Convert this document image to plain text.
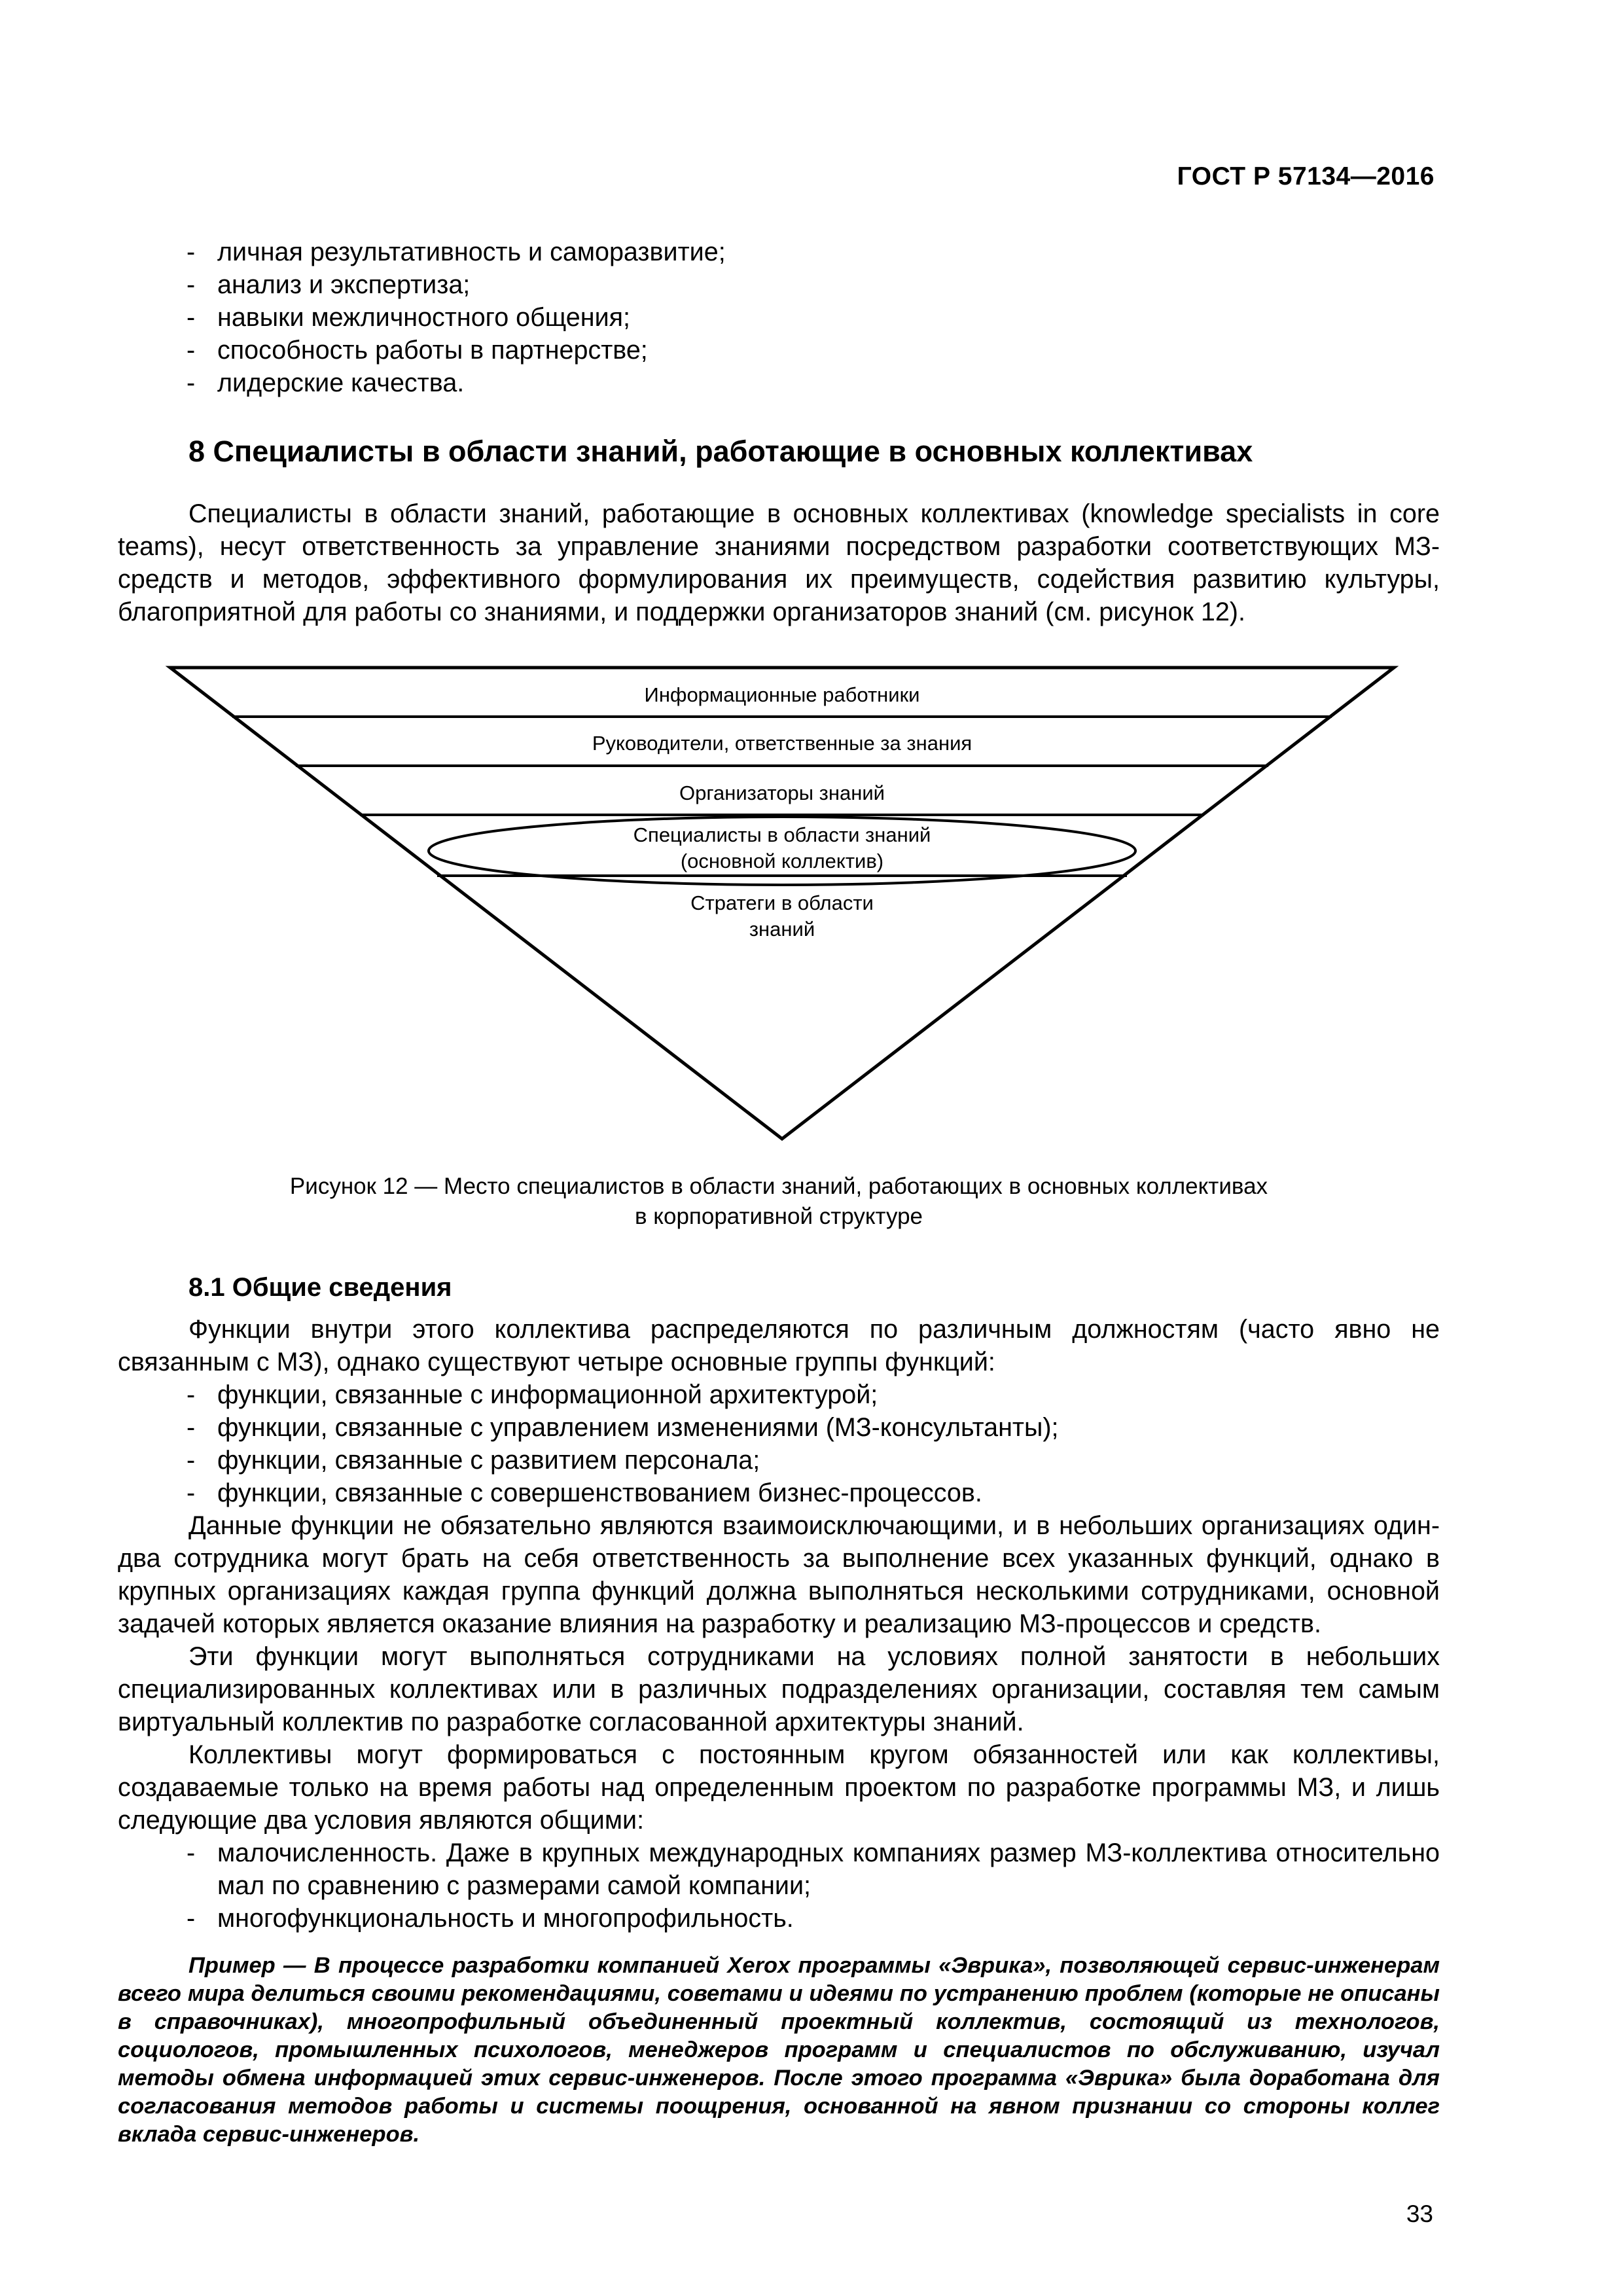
ГОСТ Р 57134—2016
- личная результативность и саморазвитие;
- анализ и экспертиза;
- навыки межличностного общения;
- способность работы в партнерстве;
- лидерские качества.
8 Специалисты в области знаний, работающие в основных коллективах
Специалисты в области знаний, работающие в основных коллективах (knowledge specialists in core teams), несут ответственность за управление знаниями посредством разработки соответствующих МЗ-средств и методов, эффективного формулирования их преимуществ, содействия развитию культуры, благоприятной для работы со знаниями, и поддержки организаторов знаний (см. рисунок 12).
Информационные работники
Руководители, ответственные за знания
Организаторы знаний
Специалисты в области знаний
(основной коллектив)
Стратеги в области
знаний
Рисунок 12 — Место специалистов в области знаний, работающих в основных коллективах
в корпоративной структуре
8.1 Общие сведения
Функции внутри этого коллектива распределяются по различным должностям (часто явно не связанным с МЗ), однако существуют четыре основные группы функций:
- функции, связанные с информационной архитектурой;
- функции, связанные с управлением изменениями (МЗ-консультанты);
- функции, связанные с развитием персонала;
- функции, связанные с совершенствованием бизнес-процессов.
Данные функции не обязательно являются взаимоисключающими, и в небольших организациях один-два сотрудника могут брать на себя ответственность за выполнение всех указанных функций, однако в крупных организациях каждая группа функций должна выполняться несколькими сотрудниками, основной задачей которых является оказание влияния на разработку и реализацию МЗ-процессов и средств.
Эти функции могут выполняться сотрудниками на условиях полной занятости в небольших специализированных коллективах или в различных подразделениях организации, составляя тем самым виртуальный коллектив по разработке согласованной архитектуры знаний.
Коллективы могут формироваться с постоянным кругом обязанностей или как коллективы, создаваемые только на время работы над определенным проектом по разработке программы МЗ, и лишь следующие два условия являются общими:
- малочисленность. Даже в крупных международных компаниях размер МЗ-коллектива относительно мал по сравнению с размерами самой компании;
- многофункциональность и многопрофильность.
Пример — В процессе разработки компанией Xerox программы «Эврика», позволяющей сервис-инженерам всего мира делиться своими рекомендациями, советами и идеями по устранению проблем (которые не описаны в справочниках), многопрофильный объединенный проектный коллектив, состоящий из технологов, социологов, промышленных психологов, менеджеров программ и специалистов по обслуживанию, изучал методы обмена информацией этих сервис-инженеров. После этого программа «Эврика» была доработана для согласования методов работы и системы поощрения, основанной на явном признании со стороны коллег вклада сервис-инженеров.
33
